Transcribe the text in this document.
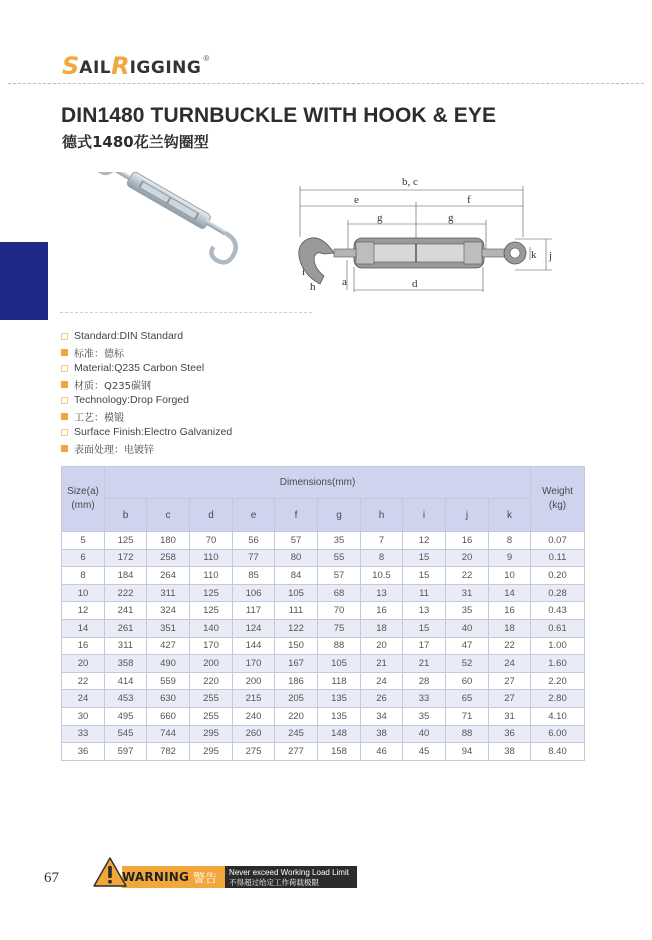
S AIL R IGGING ®
DIN1480 TURNBUCKLE WITH HOOK & EYE
德式1480花兰钩圈型
b, c
e	f
g	g
d
a
h
i
j
k
Standard:DIN Standard
标准：德标
Material:Q235 Carbon Steel
材质：Q235碳钢
Technology:Drop Forged
工艺：模锻
Surface Finish:Electro Galvanized
表面处理：电镀锌
Size(a)
(mm)	Dimensions(mm)										Weight
(kg)
	b	c	d	e	f	g	h	i	j	k	
5	125	180	70	56	57	35	7	12	16	8	0.07
6	172	258	110	77	80	55	8	15	20	9	0.11
8	184	264	110	85	84	57	10.5	15	22	10	0.20
10	222	311	125	106	105	68	13	11	31	14	0.28
12	241	324	125	117	111	70	16	13	35	16	0.43
14	261	351	140	124	122	75	18	15	40	18	0.61
16	311	427	170	144	150	88	20	17	47	22	1.00
20	358	490	200	170	167	105	21	21	52	24	1.60
22	414	559	220	200	186	118	24	28	60	27	2.20
24	453	630	255	215	205	135	26	33	65	27	2.80
30	495	660	255	240	220	135	34	35	71	31	4.10
33	545	744	295	260	245	148	38	40	88	36	6.00
36	597	782	295	275	277	158	46	45	94	38	8.40
67	WARNING 警告 Never exceed Working Load Limit
不得超过给定工作荷载极限
